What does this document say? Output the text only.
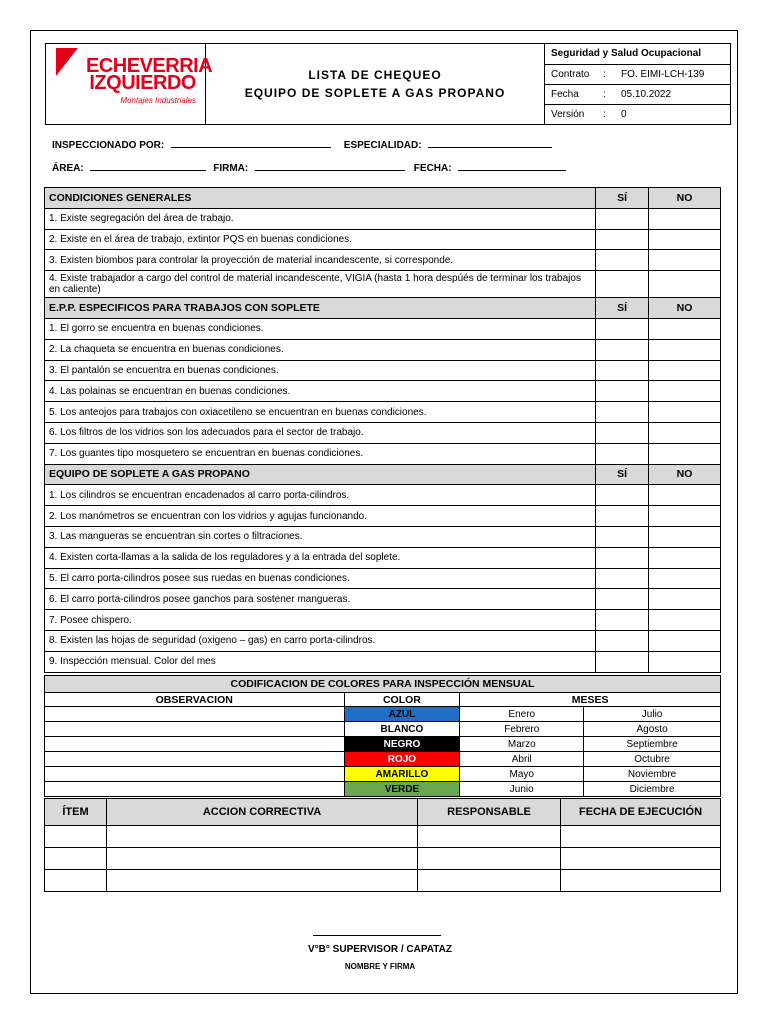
ECHEVERRIA
IZQUIERDO
Montajes Industriales

LISTA DE CHEQUEO
EQUIPO DE SOPLETE A GAS PROPANO

Seguridad y Salud Ocupacional
Contrato	:	FO. EIMI-LCH-139
Fecha	:	05.10.2022
Versión	:	0
INSPECCIONADO POR:	ESPECIALIDAD:
ÁREA:	FIRMA:	FECHA:
CONDICIONES GENERALES	SÍ	NO
1. Existe segregación del área de trabajo.		
2. Existe en el área de trabajo, extintor PQS en buenas condiciones.		
3. Existen biombos para controlar la proyección de material incandescente, si corresponde.		
4. Existe trabajador a cargo del control de material incandescente, VIGIA (hasta 1 hora despúés de terminar los trabajos en caliente)		
E.P.P. ESPECIFICOS PARA TRABAJOS CON SOPLETE	SÍ	NO
1. El gorro se encuentra en buenas condiciones.		
2. La chaqueta se encuentra en buenas condiciones.		
3. El pantalón se encuentra en buenas condiciones.		
4. Las polainas se encuentran en buenas condiciones.		
5. Los anteojos para trabajos con oxiacetileno se encuentran en buenas condiciones.		
6. Los filtros de los vidrios son los adecuados para el sector de trabajo.		
7. Los guantes tipo mosquetero se encuentran en buenas condiciones.		
EQUIPO DE SOPLETE A GAS PROPANO	SÍ	NO
1. Los cilindros se encuentran encadenados al carro porta-cilindros.		
2. Los manómetros se encuentran con los vidrios y agujas funcionando.		
3. Las mangueras se encuentran sin cortes o filtraciones.		
4. Existen corta-llamas a la salida de los reguladores y a la entrada del soplete.		
5. El carro porta-cilindros posee sus ruedas en buenas condiciones.		
6. El carro porta-cilindros posee ganchos para sostener mangueras.		
7. Posee chispero.		
8. Existen las hojas de seguridad (oxigeno – gas) en carro porta-cilindros.		
9. Inspección mensual. Color del mes		
CODIFICACION DE COLORES PARA INSPECCIÓN MENSUAL			
OBSERVACION	COLOR	MESES	
	AZUL	Enero	Julio
	BLANCO	Febrero	Agosto
	NEGRO	Marzo	Septiembre
	ROJO	Abril	Octubre
	AMARILLO	Mayo	Noviembre
	VERDE	Junio	Diciembre
ÍTEM	ACCION CORRECTIVA	RESPONSABLE	FECHA DE EJECUCIÓN

V°B° SUPERVISOR / CAPATAZ
NOMBRE Y FIRMA
